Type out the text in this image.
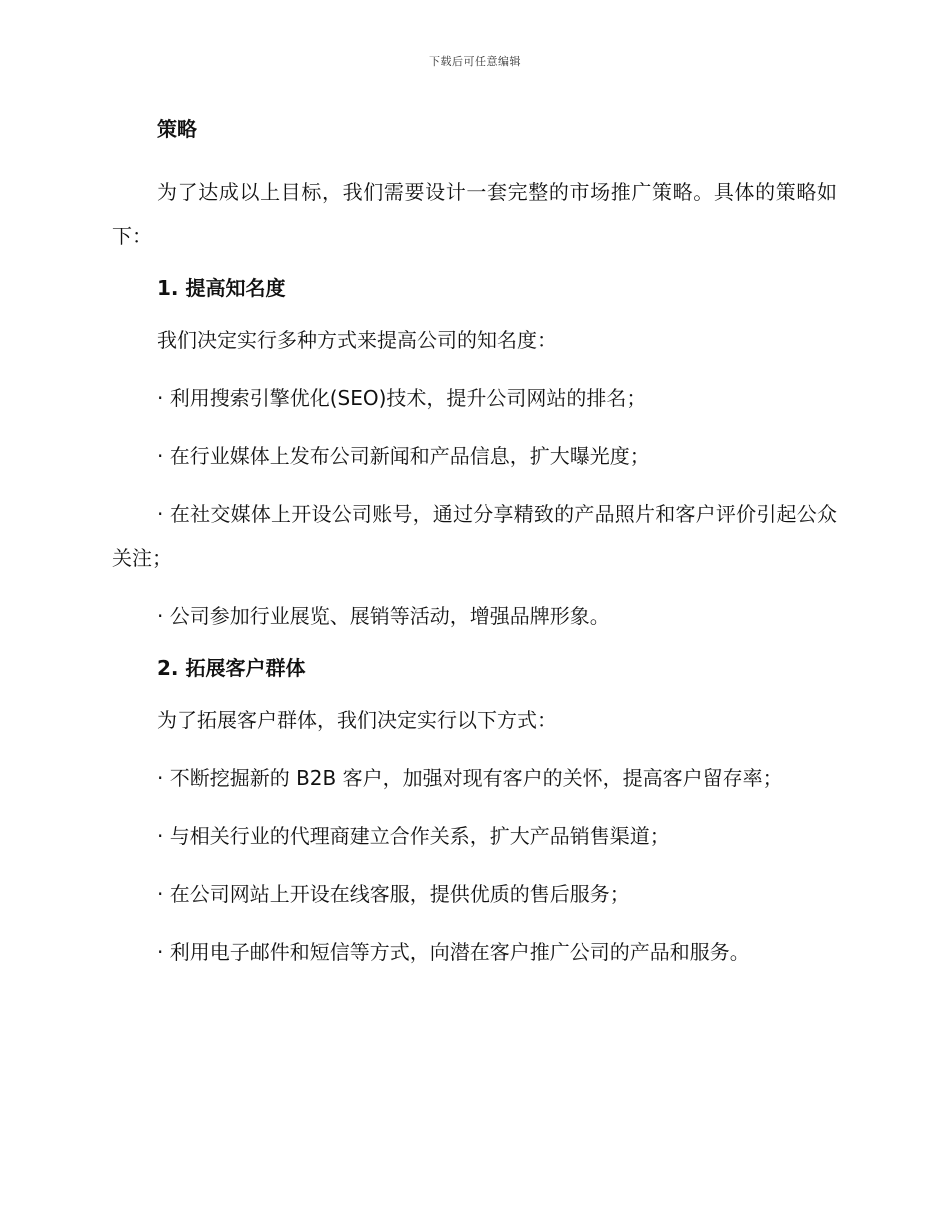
下载后可任意编辑
策略

为了达成以上目标，我们需要设计一套完整的市场推广策略。具体的策略如下：

1. 提高知名度

我们决定实行多种方式来提高公司的知名度：

· 利用搜索引擎优化(SEO)技术，提升公司网站的排名；

· 在行业媒体上发布公司新闻和产品信息，扩大曝光度；

· 在社交媒体上开设公司账号，通过分享精致的产品照片和客户评价引起公众关注；

· 公司参加行业展览、展销等活动，增强品牌形象。

2. 拓展客户群体

为了拓展客户群体，我们决定实行以下方式：

· 不断挖掘新的 B2B 客户，加强对现有客户的关怀，提高客户留存率；

· 与相关行业的代理商建立合作关系，扩大产品销售渠道；

· 在公司网站上开设在线客服，提供优质的售后服务；

· 利用电子邮件和短信等方式，向潜在客户推广公司的产品和服务。
